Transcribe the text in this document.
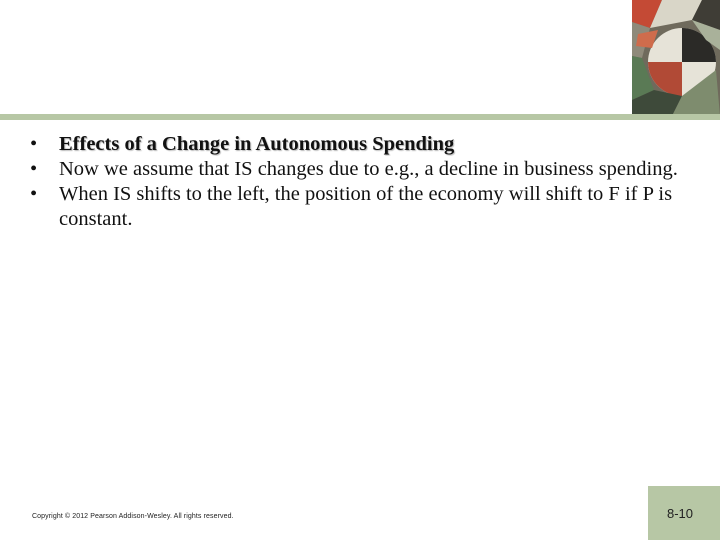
•	Effects of a Change in Autonomous Spending
•	Now we assume that IS changes due to e.g., a decline in business spending.
•	When IS shifts to the left, the position of the economy will shift to F if P is constant.
Copyright © 2012 Pearson Addison-Wesley. All rights reserved.	8-10
